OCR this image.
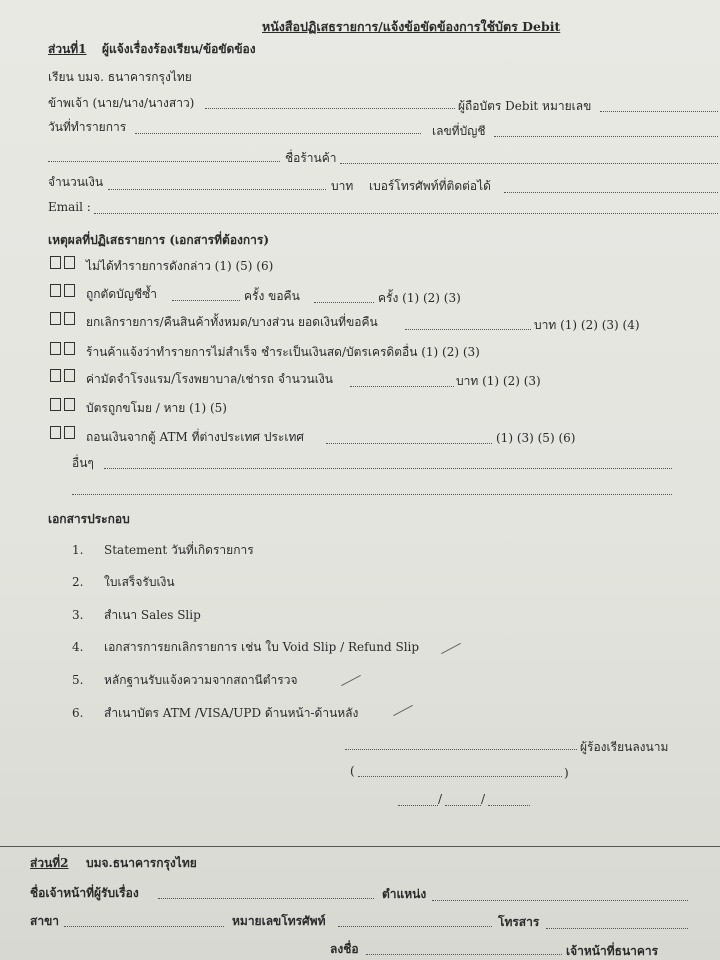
หนังสือปฏิเสธรายการ/แจ้งข้อขัดข้องการใช้บัตร Debit
ส่วนที่1 ผู้แจ้งเรื่องร้องเรียน/ข้อขัดข้อง
เรียน บมจ. ธนาคารกรุงไทย
ข้าพเจ้า (นาย/นาง/นางสาว)	ผู้ถือบัตร Debit หมายเลข
วันที่ทำรายการ	เลขที่บัญชี
ชื่อร้านค้า
จำนวนเงิน	บาท เบอร์โทรศัพท์ที่ติดต่อได้
Email :
เหตุผลที่ปฏิเสธรายการ (เอกสารที่ต้องการ)
ไม่ได้ทำรายการดังกล่าว (1) (5) (6)
ถูกตัดบัญชีซ้ำ	ครั้ง ขอคืน	ครั้ง (1) (2) (3)
ยกเลิกรายการ/คืนสินค้าทั้งหมด/บางส่วน ยอดเงินที่ขอคืน	บาท (1) (2) (3) (4)
ร้านค้าแจ้งว่าทำรายการไม่สำเร็จ ชำระเป็นเงินสด/บัตรเครดิตอื่น (1) (2) (3)
ค่ามัดจำโรงแรม/โรงพยาบาล/เช่ารถ จำนวนเงิน	บาท (1) (2) (3)
บัตรถูกขโมย / หาย (1) (5)
ถอนเงินจากตู้ ATM ที่ต่างประเทศ ประเทศ	(1) (3) (5) (6)
อื่นๆ
เอกสารประกอบ
1. Statement วันที่เกิดรายการ
2. ใบเสร็จรับเงิน
3. สำเนา Sales Slip
4. เอกสารการยกเลิกรายการ เช่น ใบ Void Slip / Refund Slip
5. หลักฐานรับแจ้งความจากสถานีตำรวจ
6. สำเนาบัตร ATM /VISA/UPD ด้านหน้า-ด้านหลัง
ผู้ร้องเรียนลงนาม
(	)
/	/
ส่วนที่2 บมจ.ธนาคารกรุงไทย
ชื่อเจ้าหน้าที่ผู้รับเรื่อง	ตำแหน่ง
สาขา	หมายเลขโทรศัพท์	โทรสาร
ลงชื่อ	เจ้าหน้าที่ธนาคาร
